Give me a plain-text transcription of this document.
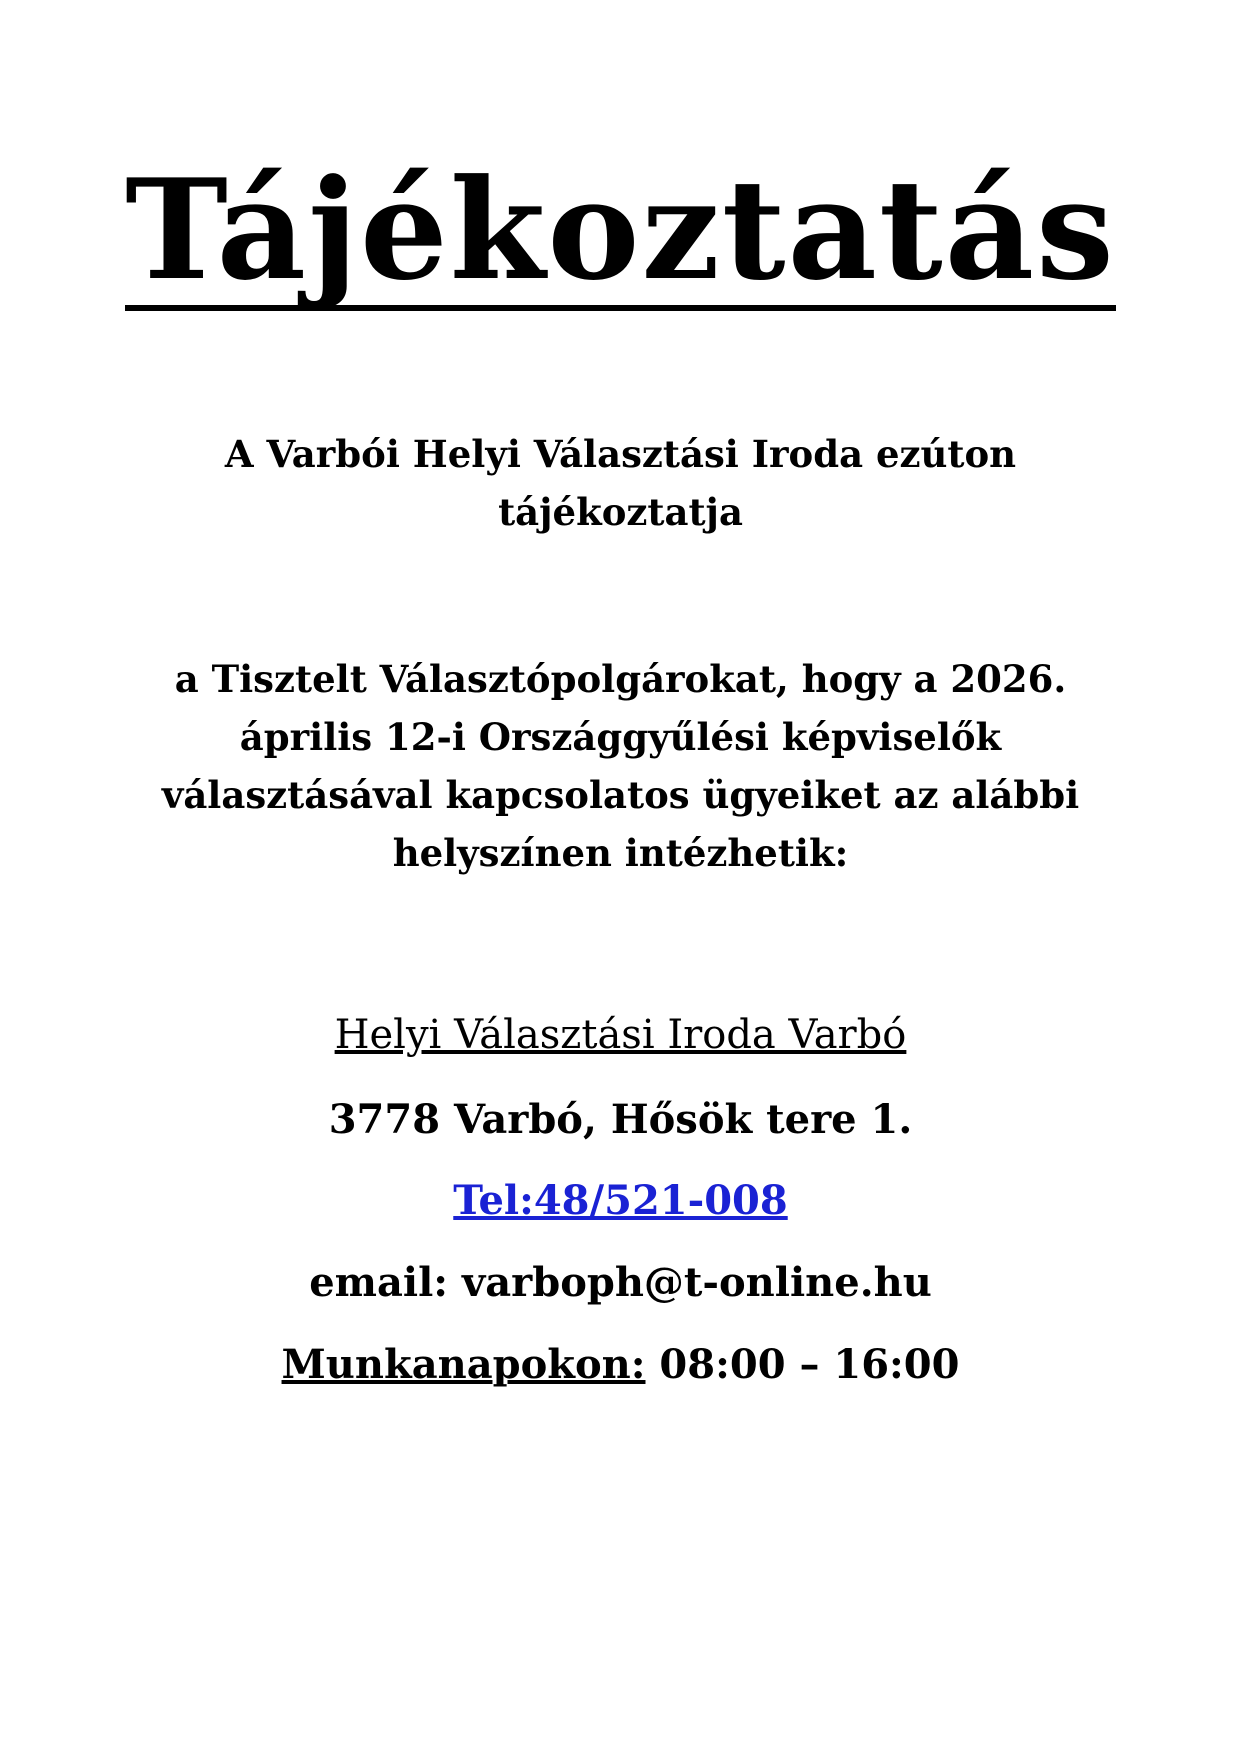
Tájékoztatás
A Varbói Helyi Választási Iroda ezúton
tájékoztatja
a Tisztelt Választópolgárokat, hogy a 2026.
április 12-i Országgyűlési képviselők
választásával kapcsolatos ügyeiket az alábbi
helyszínen intézhetik:
Helyi Választási Iroda Varbó
3778 Varbó, Hősök tere 1.
Tel:48/521-008
email: varboph@t-online.hu
Munkanapokon: 08:00 – 16:00
